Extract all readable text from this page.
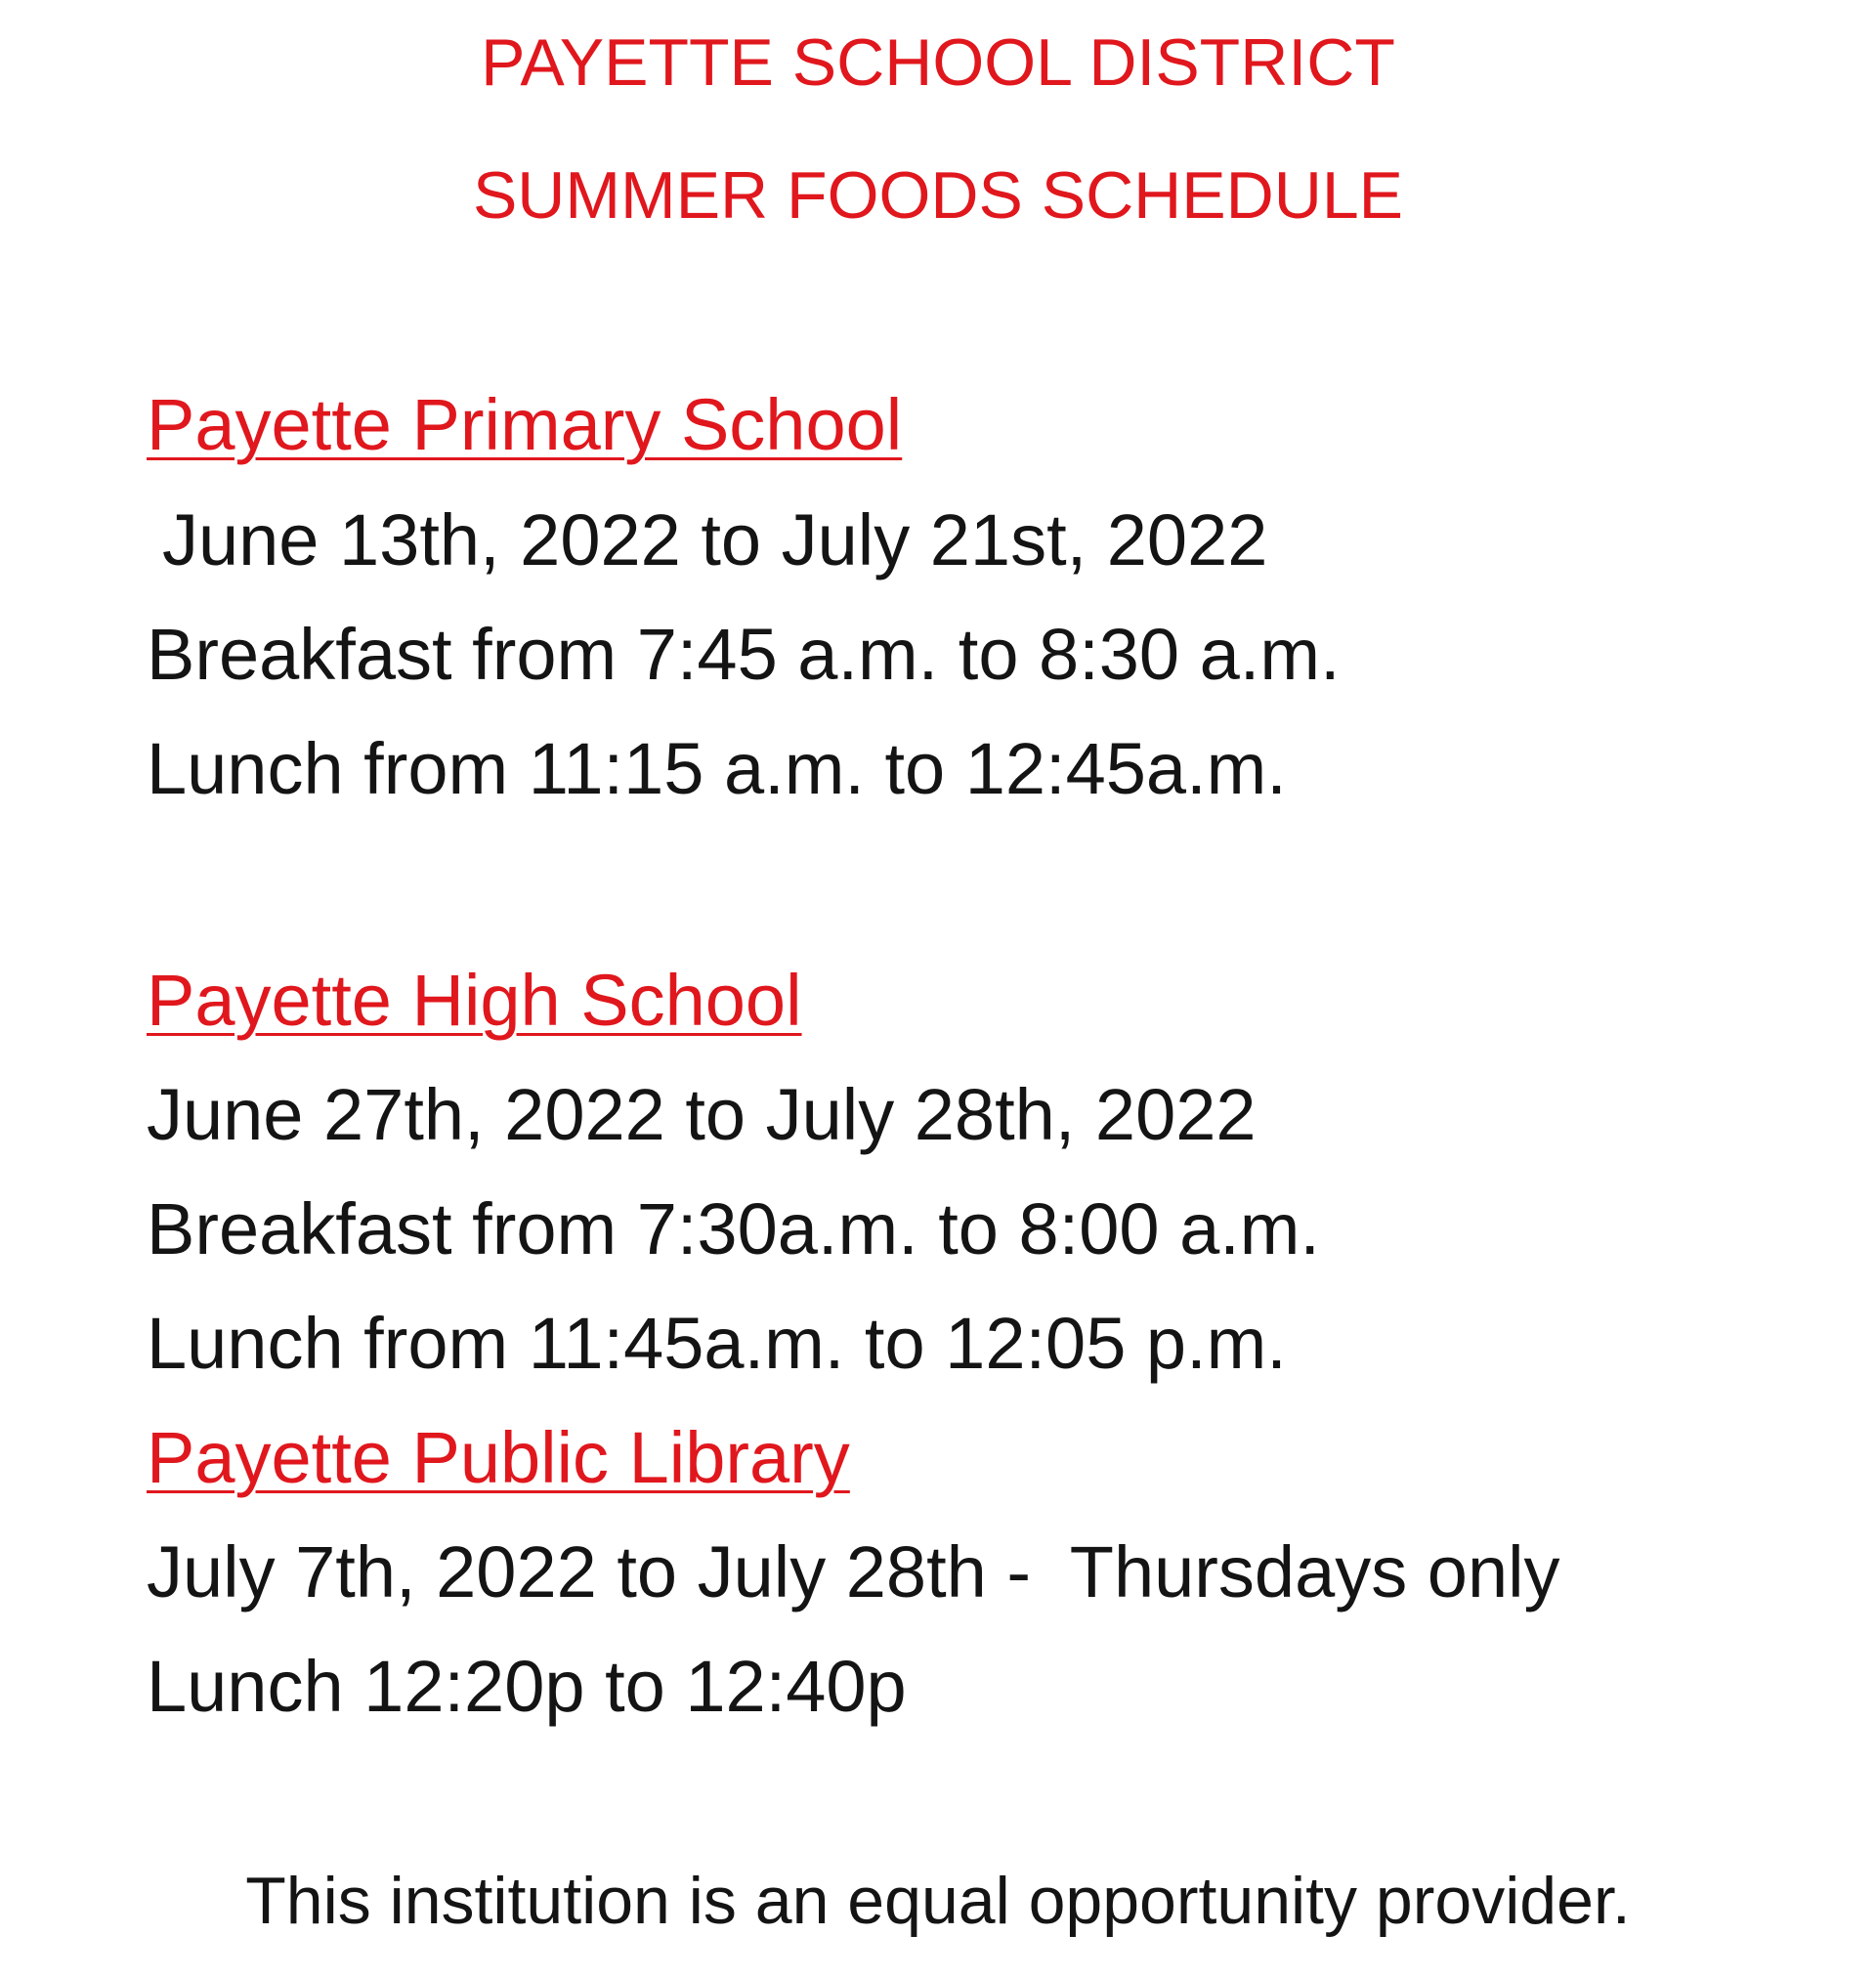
PAYETTE SCHOOL DISTRICT
SUMMER FOODS SCHEDULE
Payette Primary School
June 13th, 2022 to July 21st, 2022
Breakfast from 7:45 a.m. to 8:30 a.m.
Lunch from 11:15 a.m. to 12:45a.m.
Payette High School
June 27th, 2022 to July 28th, 2022
Breakfast from 7:30a.m. to 8:00 a.m.
Lunch from 11:45a.m. to 12:05 p.m.
Payette Public Library
July 7th, 2022 to July 28th -  Thursdays only
Lunch 12:20p to 12:40p
This institution is an equal opportunity provider.
